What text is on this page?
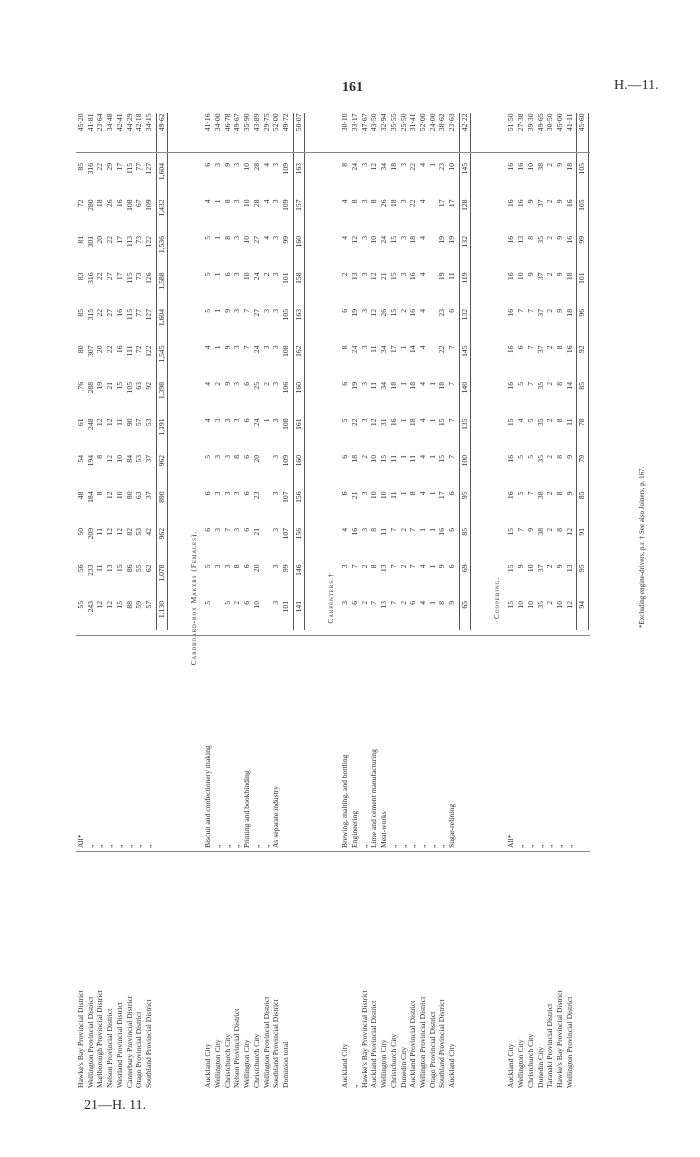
161	H.—11.
21—H. 11.
Hawke's Bay Provincial District
All*
55
56
50
48
54
61
76
80
85
83
81
72
85
45·20
Wellington Provincial District
„
243
233
209
184
194
248
288
307
315
316
301
280
316
41·81
Marlborough Provincial District
„
12
11
11
8
8
12
19
20
22
22
20
18
22
23·64
Nelson Provincial District
„
12
13
12
12
12
12
21
22
27
27
22
26
29
34·48
Westland Provincial District
„
15
15
12
10
10
11
15
16
16
17
17
16
17
42·41
Canterbury Provincial District
„
88
86
82
80
84
90
105
111
115
115
113
108
115
44·29
Otago Provincial District
„
59
55
53
63
53
57
63
72
77
73
73
67
77
42·18
Southland Provincial District
„
57
62
42
37
37
53
92
122
127
126
122
109
127
34·15
1,130
1,078
962
890
962
1,191
1,398
1,545
1,604
1,588
1,536
1,432
1,604
49·62
Cardboard-box Makers (Females).
Auckland City
Biscuit and confectionery making
5
5
6
6
5
4
4
4
5
5
5
4
6
41·16
Wellington City
„
3
3
3
3
3
2
1
1
1
1
1
3
34·00
Christchurch City
„
5
3
7
3
3
3
9
9
9
6
8
8
9
46·78
Nelson Provincial District
„
2
8
3
3
8
3
3
3
3
3
3
3
3
49·67
Wellington City
Printing and bookbinding
6
6
6
6
6
6
6
7
7
10
10
10
10
35·90
Christchurch City
„
10
20
21
23
20
24
25
24
27
24
27
28
28
43·89
Wellington Provincial District
„
1
2
3
3
2
4
4
4
29·75
Southland Provincial District
As separate industry
3
3
3
3
3
3
3
3
3
3
3
3
3
52·00
Dominion total
101
99
107
107
109
108
106
108
105
101
99
109
109
49·72
141
146
156
156
160
161
160
162
163
158
160
157
163
50·07
Carpenters.†
Auckland City
Brewing, malting, and bottling
3
3
4
6
6
5
6
8
6
2
4
4
8
30·10
„
Engineering
6
7
16
21
18
22
19
24
19
13
12
8
24
33·17
Hawke's Bay Provincial District
„
2
2
3
3
2
3
3
3
3
3
3
3
3
47·67
Auckland Provincial District
Lime and cement manufacturing
7
8
8
10
10
12
11
11
12
12
10
8
12
43·50
Wellington City
Meat-works
13
13
11
10
15
31
34
34
26
21
24
26
34
32·94
Christchurch City
„
7
7
7
11
11
16
18
17
15
15
15
18
18
35·55
Dunedin City
„
2
2
2
1
1
1
1
1
2
3
3
3
3
25·50
Auckland Provincial District
„
6
7
7
8
11
18
18
14
16
16
18
22
22
31·41
Wellington Provincial District
„
4
4
1
4
4
4
4
4
4
4
4
4
4
52·00
Otago Provincial District
„
1
1
1
1
1
1
1
1
24·00
Southland Provincial District
„
8
9
16
17
15
15
18
22
23
19
19
17
23
38·62
Auckland City
Sugar-refining
9
6
6
6
7
7
7
7
6
11
19
17
10
23·63
65
69
85
95
100
135
140
145
132
119
132
128
145
42·22
Coopering.
Auckland City
All*
15
15
15
16
16
15
16
16
16
16
16
16
16
51·50
Wellington City
„
10
9
7
5
5
4
5
6
7
10
13
16
16
27·38
Christchurch City
„
10
10
9
7
5
5
7
7
7
9
8
9
10
39·30
Dunedin City
„
35
37
38
38
35
35
35
37
37
37
35
37
38
49·65
Taranaki Provincial District
„
2
2
2
2
2
2
2
2
2
2
2
2
2
30·50
Hawke's Bay Provincial District
„
10
9
8
8
8
8
8
8
9
9
9
9
9
45·00
Wellington Provincial District
„
12
13
12
9
9
11
14
16
18
18
16
16
18
41·11
94
95
91
85
79
78
85
92
96
101
99
105
105
45·60
*Excluding engine-drivers, p.r. † See also Joiners, p. 167.
